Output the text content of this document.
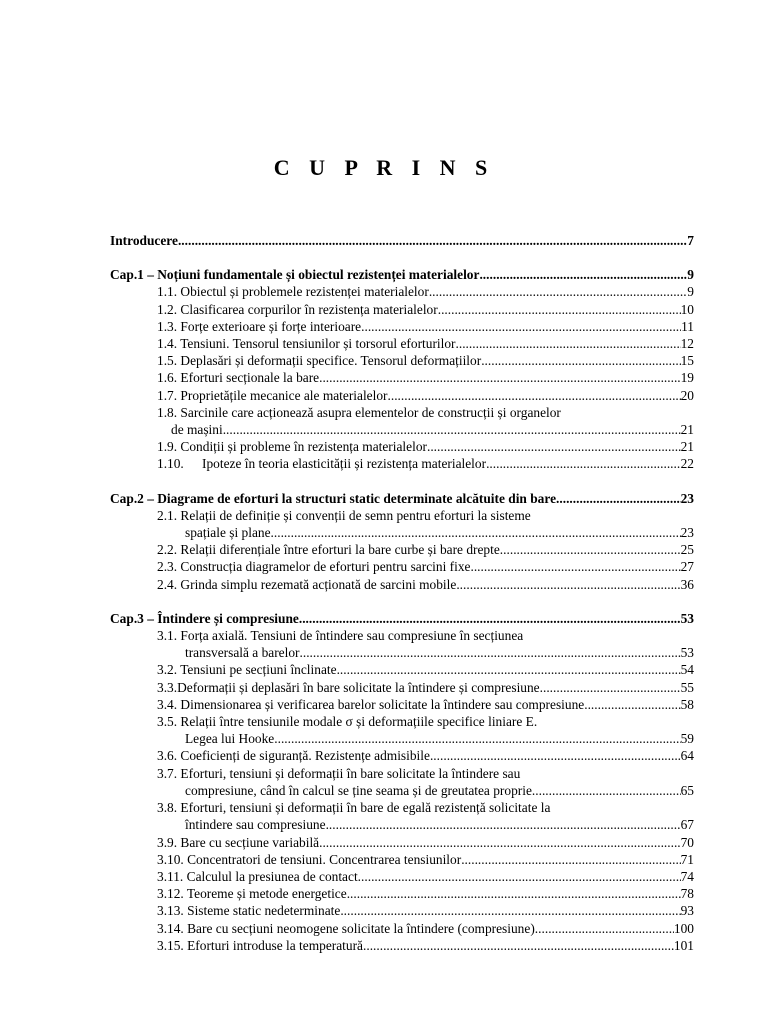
C U P R I N S
Introducere .....	7
Cap.1 – Noțiuni fundamentale și obiectul rezistenței materialelor .....	9
1.1. Obiectul și problemele rezistenței materialelor .....	9
1.2. Clasificarea corpurilor în rezistența materialelor .....	10
1.3. Forțe exterioare și forțe interioare .....	11
1.4. Tensiuni. Tensorul tensiunilor și torsorul eforturilor .....	12
1.5. Deplasări și deformații specifice. Tensorul deformațiilor .....	15
1.6. Eforturi secționale la bare .....	19
1.7. Proprietățile mecanice ale materialelor .....	20
1.8. Sarcinile care acționează asupra elementelor de construcții și organelor
de mașini .....	21
1.9. Condiții și probleme în rezistența materialelor .....	21
1.10. Ipoteze în teoria elasticității și rezistența materialelor .....	22
Cap.2 – Diagrame de eforturi la structuri static determinate alcătuite din bare .....	23
2.1. Relații de definiție și convenții de semn pentru eforturi la sisteme
spațiale și plane .....	23
2.2. Relații diferențiale între eforturi la bare curbe și bare drepte .....	25
2.3. Construcția diagramelor de eforturi pentru sarcini fixe .....	27
2.4. Grinda simplu rezemată acționată de sarcini mobile .....	36
Cap.3 – Întindere și compresiune .....	53
3.1. Forța axială. Tensiuni de întindere sau compresiune în secțiunea
transversală a barelor .....	53
3.2. Tensiuni pe secțiuni înclinate .....	54
3.3.Deformații și deplasări în bare solicitate la întindere și compresiune .....	55
3.4. Dimensionarea și verificarea barelor solicitate la întindere sau compresiune .....	58
3.5. Relații între tensiunile modale σ și deformațiile specifice liniare E.
Legea lui Hooke .....	59
3.6. Coeficienți de siguranță. Rezistențe admisibile .....	64
3.7. Eforturi, tensiuni și deformații în bare solicitate la întindere sau
compresiune, când în calcul se ține seama și de greutatea proprie .....	65
3.8. Eforturi, tensiuni și deformații în bare de egală rezistență solicitate la
întindere sau compresiune .....	67
3.9. Bare cu secțiune variabilă .....	70
3.10. Concentratori de tensiuni. Concentrarea tensiunilor .....	71
3.11. Calculul la presiunea de contact .....	74
3.12. Teoreme și metode energetice .....	78
3.13. Sisteme static nedeterminate .....	93
3.14. Bare cu secțiuni neomogene solicitate la întindere (compresiune) .....	100
3.15. Eforturi introduse la temperatură .....	101
